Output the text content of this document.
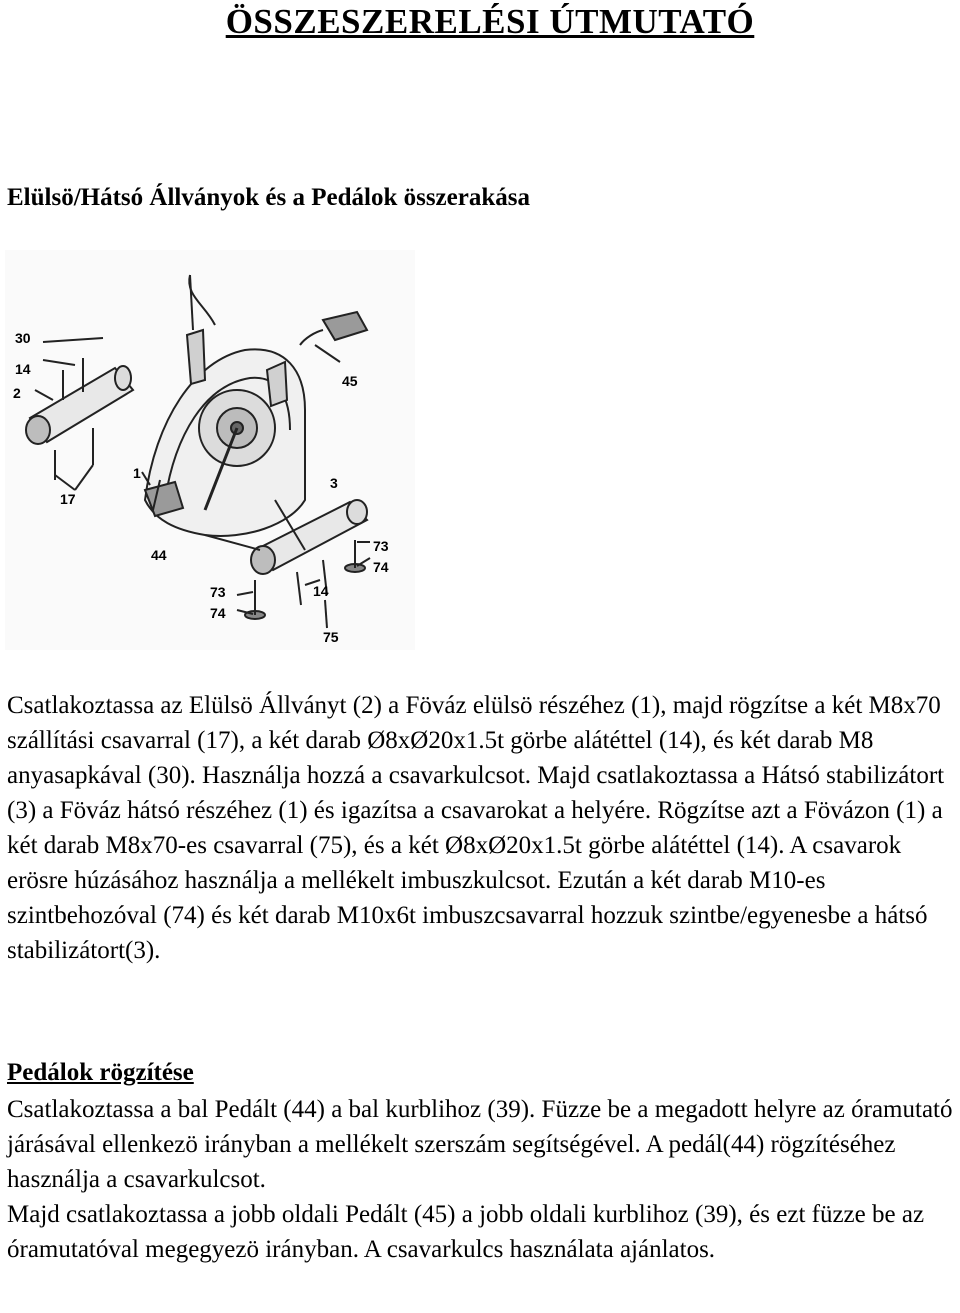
ÖSSZESZERELÉSI ÚTMUTATÓ
Elülsö/Hátsó Állványok és a Pedálok összerakása
30
14
2
17
1
45
3
44
73
74
14
75
73
74
Csatlakoztassa az Elülsö Állványt (2) a Föváz elülsö részéhez (1), majd rögzítse a két M8x70 szállítási csavarral (17), a két darab Ø8xØ20x1.5t görbe alátéttel (14), és két darab M8 anyasapkával (30). Használja hozzá a csavarkulcsot. Majd csatlakoztassa a Hátsó stabilizátort (3) a Föváz hátsó részéhez (1) és igazítsa a csavarokat a helyére. Rögzítse azt a Fövázon (1) a két darab M8x70-es csavarral (75), és a két Ø8xØ20x1.5t görbe alátéttel (14). A csavarok erösre húzásához használja a mellékelt imbuszkulcsot. Ezután a két darab M10-es szintbehozóval (74) és két darab M10x6t imbuszcsavarral hozzuk szintbe/egyenesbe a hátsó stabilizátort(3).
Pedálok rögzítése
Csatlakoztassa a bal Pedált (44) a bal kurblihoz (39). Füzze be a megadott helyre az óramutató járásával ellenkezö irányban a mellékelt szerszám segítségével. A pedál(44) rögzítéséhez használja a csavarkulcsot.
Majd csatlakoztassa a jobb oldali Pedált (45) a jobb oldali kurblihoz (39), és ezt füzze be az óramutatóval megegyezö irányban. A csavarkulcs használata ajánlatos.
